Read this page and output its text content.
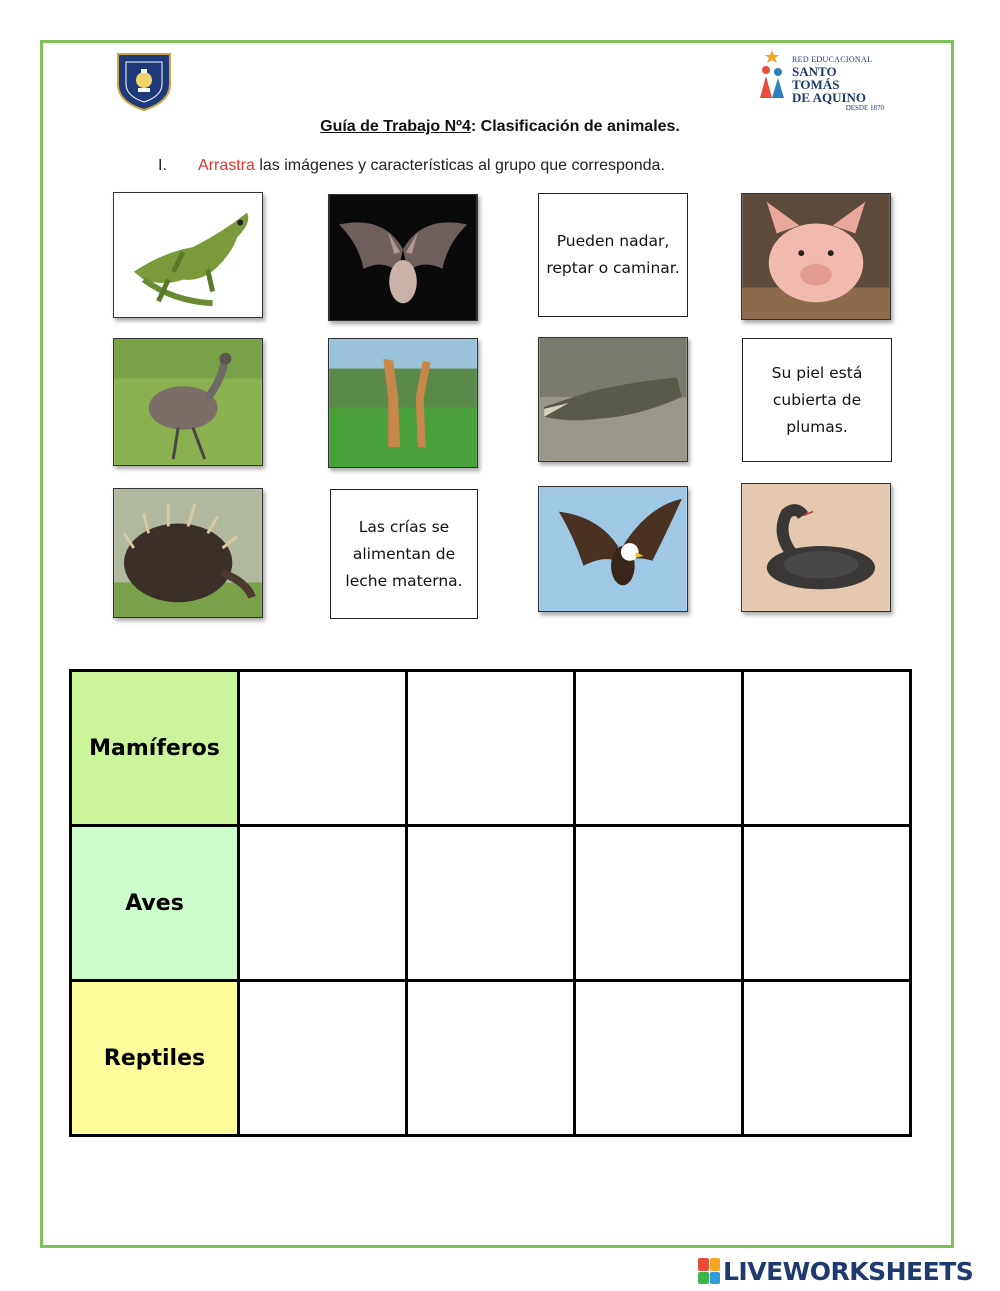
RED EDUCACIONAL
SANTO TOMÁS
DE AQUINO
DESDE 1870
Guía de Trabajo Nº4: Clasificación de animales.
I. Arrastra las imágenes y características al grupo que corresponda.
Pueden nadar, reptar o caminar.
Su piel está cubierta de plumas.
Las crías se alimentan de leche materna.
Mamíferos				
Aves				
Reptiles				
LIVEWORKSHEETS
